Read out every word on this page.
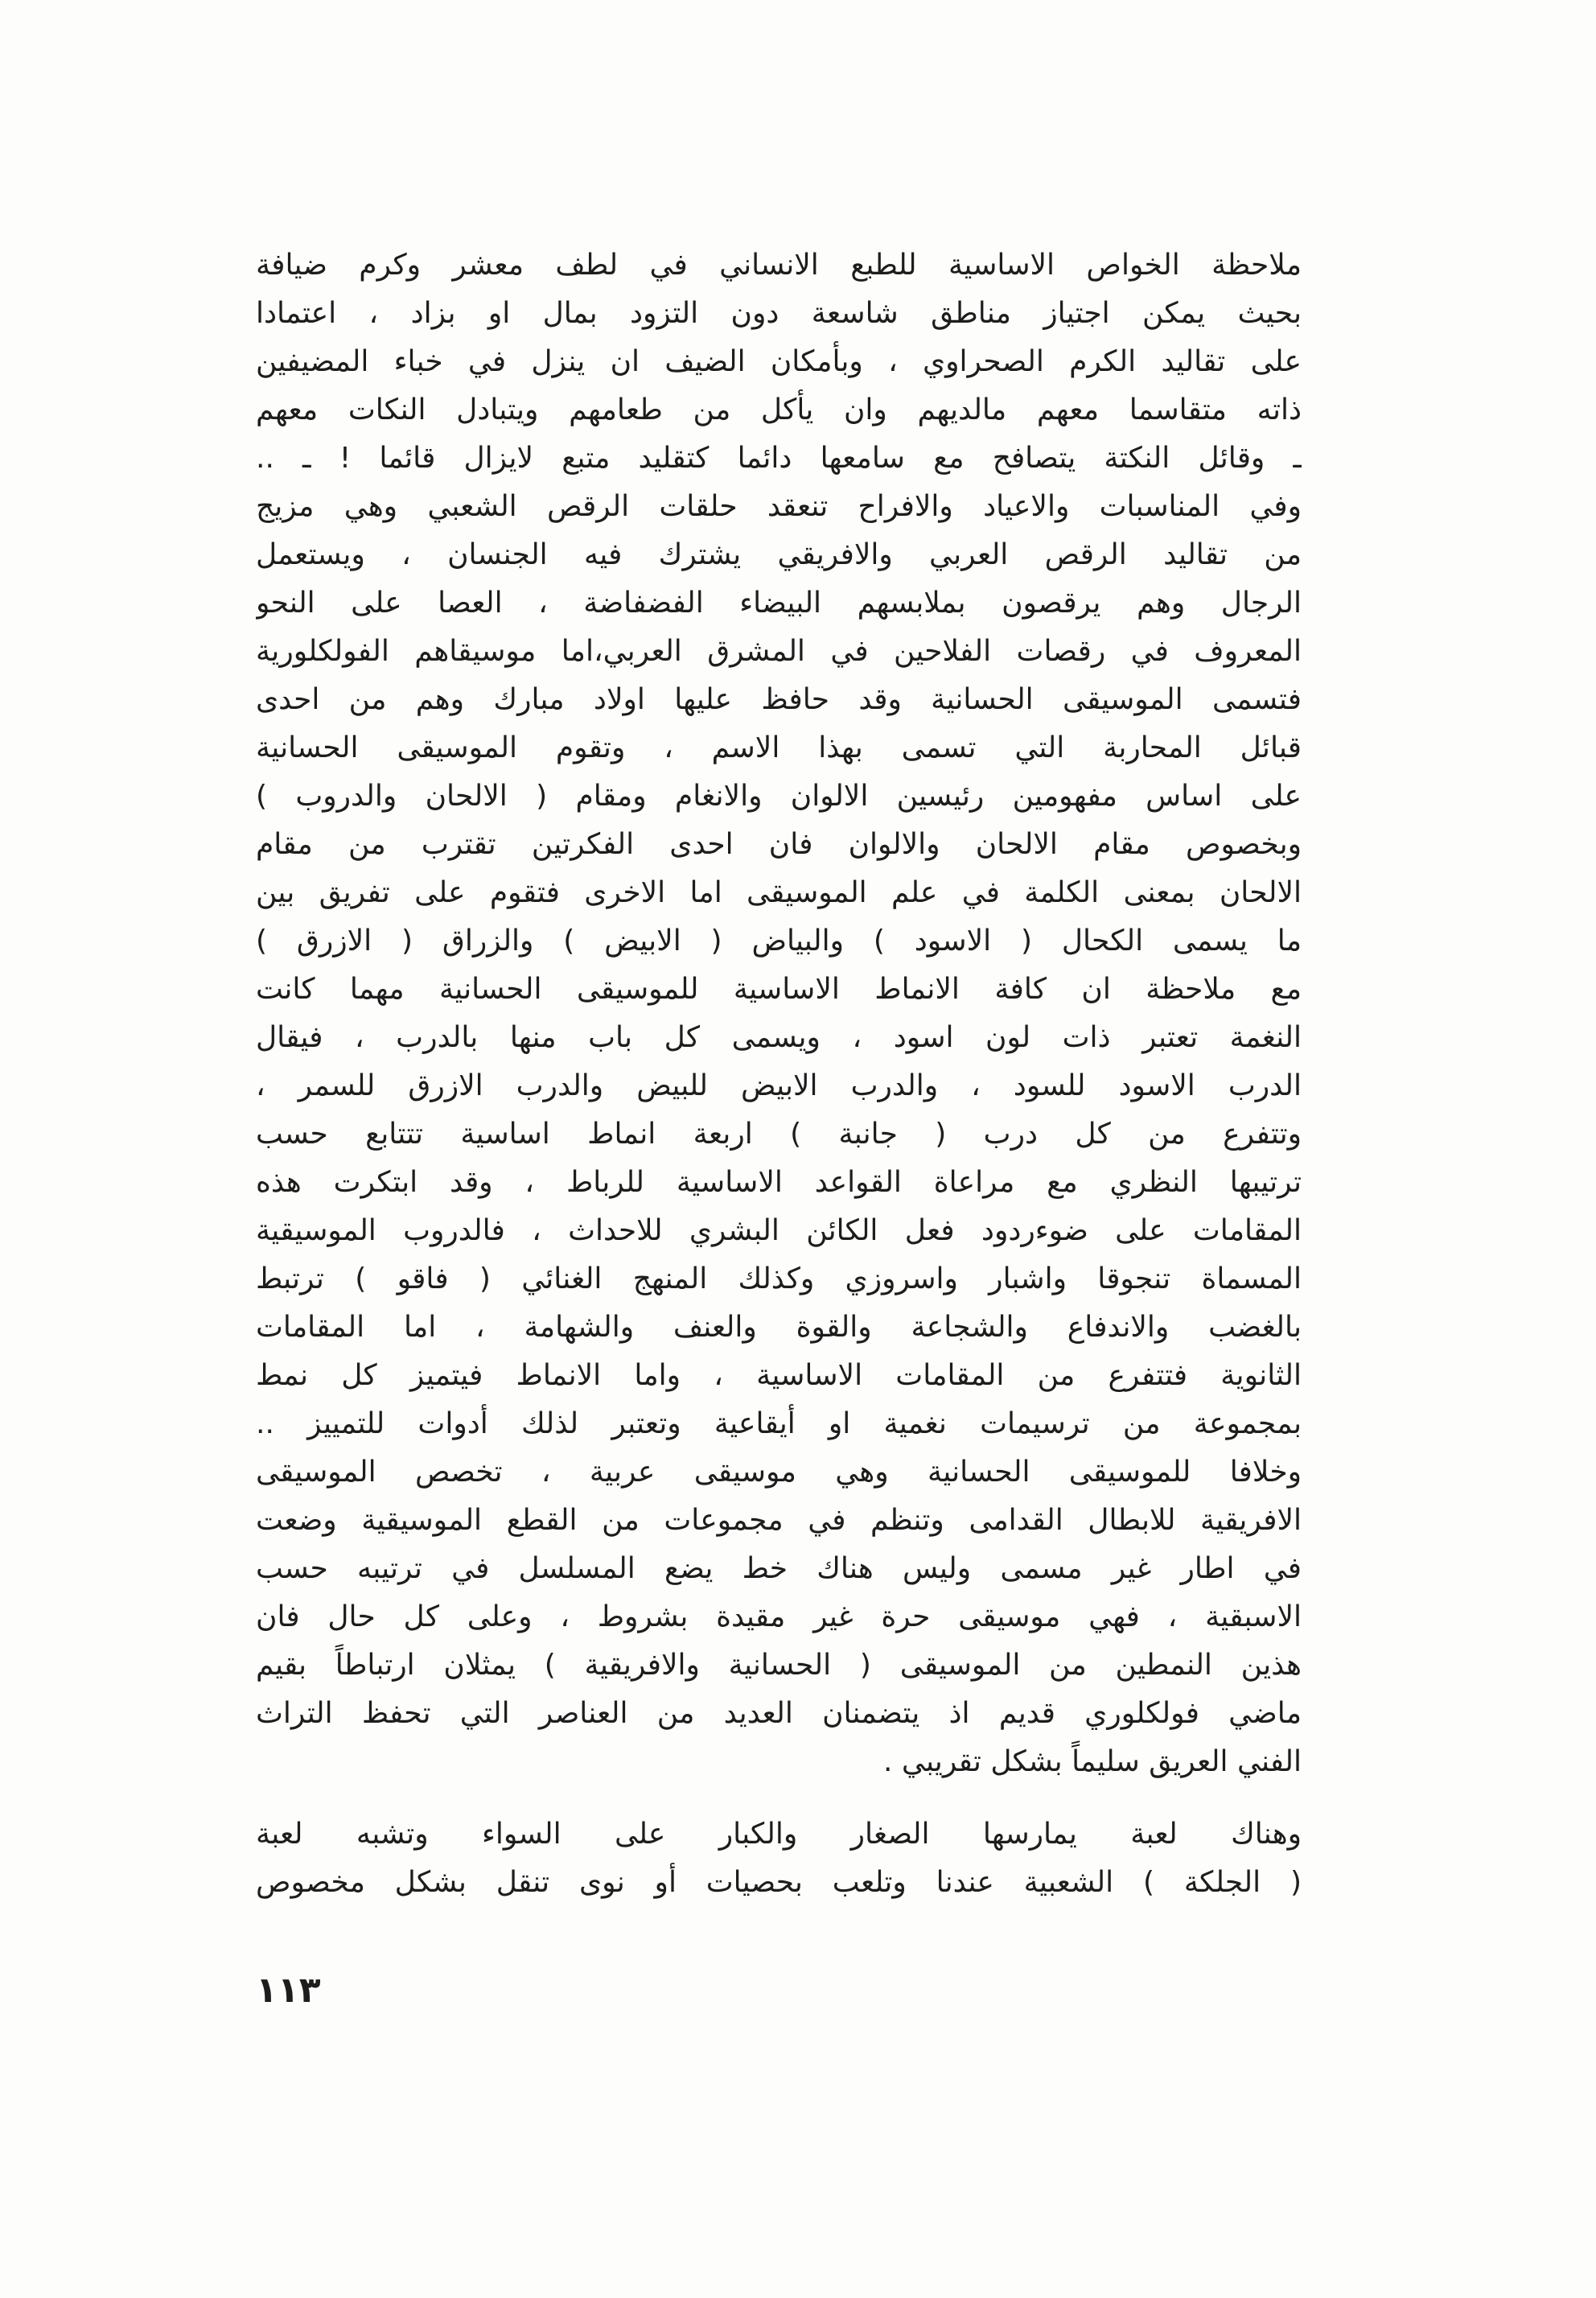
ملاحظة الخواص الاساسية للطبع الانساني في لطف معشر وكرم ضيافة
بحيث يمكن اجتياز مناطق شاسعة دون التزود بمال او بزاد ، اعتمادا
على تقاليد الكرم الصحراوي ، وبأمكان الضيف ان ينزل في خباء المضيفين
ذاته متقاسما معهم مالديهم وان يأكل من طعامهم ويتبادل النكات معهم
ـ وقائل النكتة يتصافح مع سامعها دائما كتقليد متبع لايزال قائما ! ـ ..
وفي المناسبات والاعياد والافراح تنعقد حلقات الرقص الشعبي وهي مزيج
من تقاليد الرقص العربي والافريقي يشترك فيه الجنسان ، ويستعمل
الرجال وهم يرقصون بملابسهم البيضاء الفضفاضة ، العصا على النحو
المعروف في رقصات الفلاحين في المشرق العربي،اما موسيقاهم الفولكلورية
فتسمى الموسيقى الحسانية وقد حافظ عليها اولاد مبارك وهم من احدى
قبائل المحاربة التي تسمى بهذا الاسم ، وتقوم الموسيقى الحسانية
على اساس مفهومين رئيسين الالوان والانغام ومقام ( الالحان والدروب )
وبخصوص مقام الالحان والالوان فان احدى الفكرتين تقترب من مقام
الالحان بمعنى الكلمة في علم الموسيقى اما الاخرى فتقوم على تفريق بين
ما يسمى الكحال ( الاسود ) والبياض ( الابيض ) والزراق ( الازرق )
مع ملاحظة ان كافة الانماط الاساسية للموسيقى الحسانية مهما كانت
النغمة تعتبر ذات لون اسود ، ويسمى كل باب منها بالدرب ، فيقال
الدرب الاسود للسود ، والدرب الابيض للبيض والدرب الازرق للسمر ،
وتتفرع من كل درب ( جانبة ) اربعة انماط اساسية تتتابع حسب
ترتيبها النظري مع مراعاة القواعد الاساسية للرباط ، وقد ابتكرت هذه
المقامات على ضوءردود فعل الكائن البشري للاحداث ، فالدروب الموسيقية
المسماة تنجوقا واشبار واسروزي وكذلك المنهج الغنائي ( فاقو ) ترتبط
بالغضب والاندفاع والشجاعة والقوة والعنف والشهامة ، اما المقامات
الثانوية فتتفرع من المقامات الاساسية ، واما الانماط فيتميز كل نمط
بمجموعة من ترسيمات نغمية او أيقاعية وتعتبر لذلك أدوات للتمييز ..
وخلافا للموسيقى الحسانية وهي موسيقى عربية ، تخصص الموسيقى
الافريقية للابطال القدامى وتنظم في مجموعات من القطع الموسيقية وضعت
في اطار غير مسمى وليس هناك خط يضع المسلسل في ترتيبه حسب
الاسبقية ، فهي موسيقى حرة غير مقيدة بشروط ، وعلى كل حال فان
هذين النمطين من الموسيقى ( الحسانية والافريقية ) يمثلان ارتباطاً بقيم
ماضي فولكلوري قديم اذ يتضمنان العديد من العناصر التي تحفظ التراث
الفني العريق سليماً بشكل تقريبي .
وهناك لعبة يمارسها الصغار والكبار على السواء وتشبه لعبة
( الجلكة ) الشعبية عندنا وتلعب بحصيات أو نوى تنقل بشكل مخصوص
١١٣
